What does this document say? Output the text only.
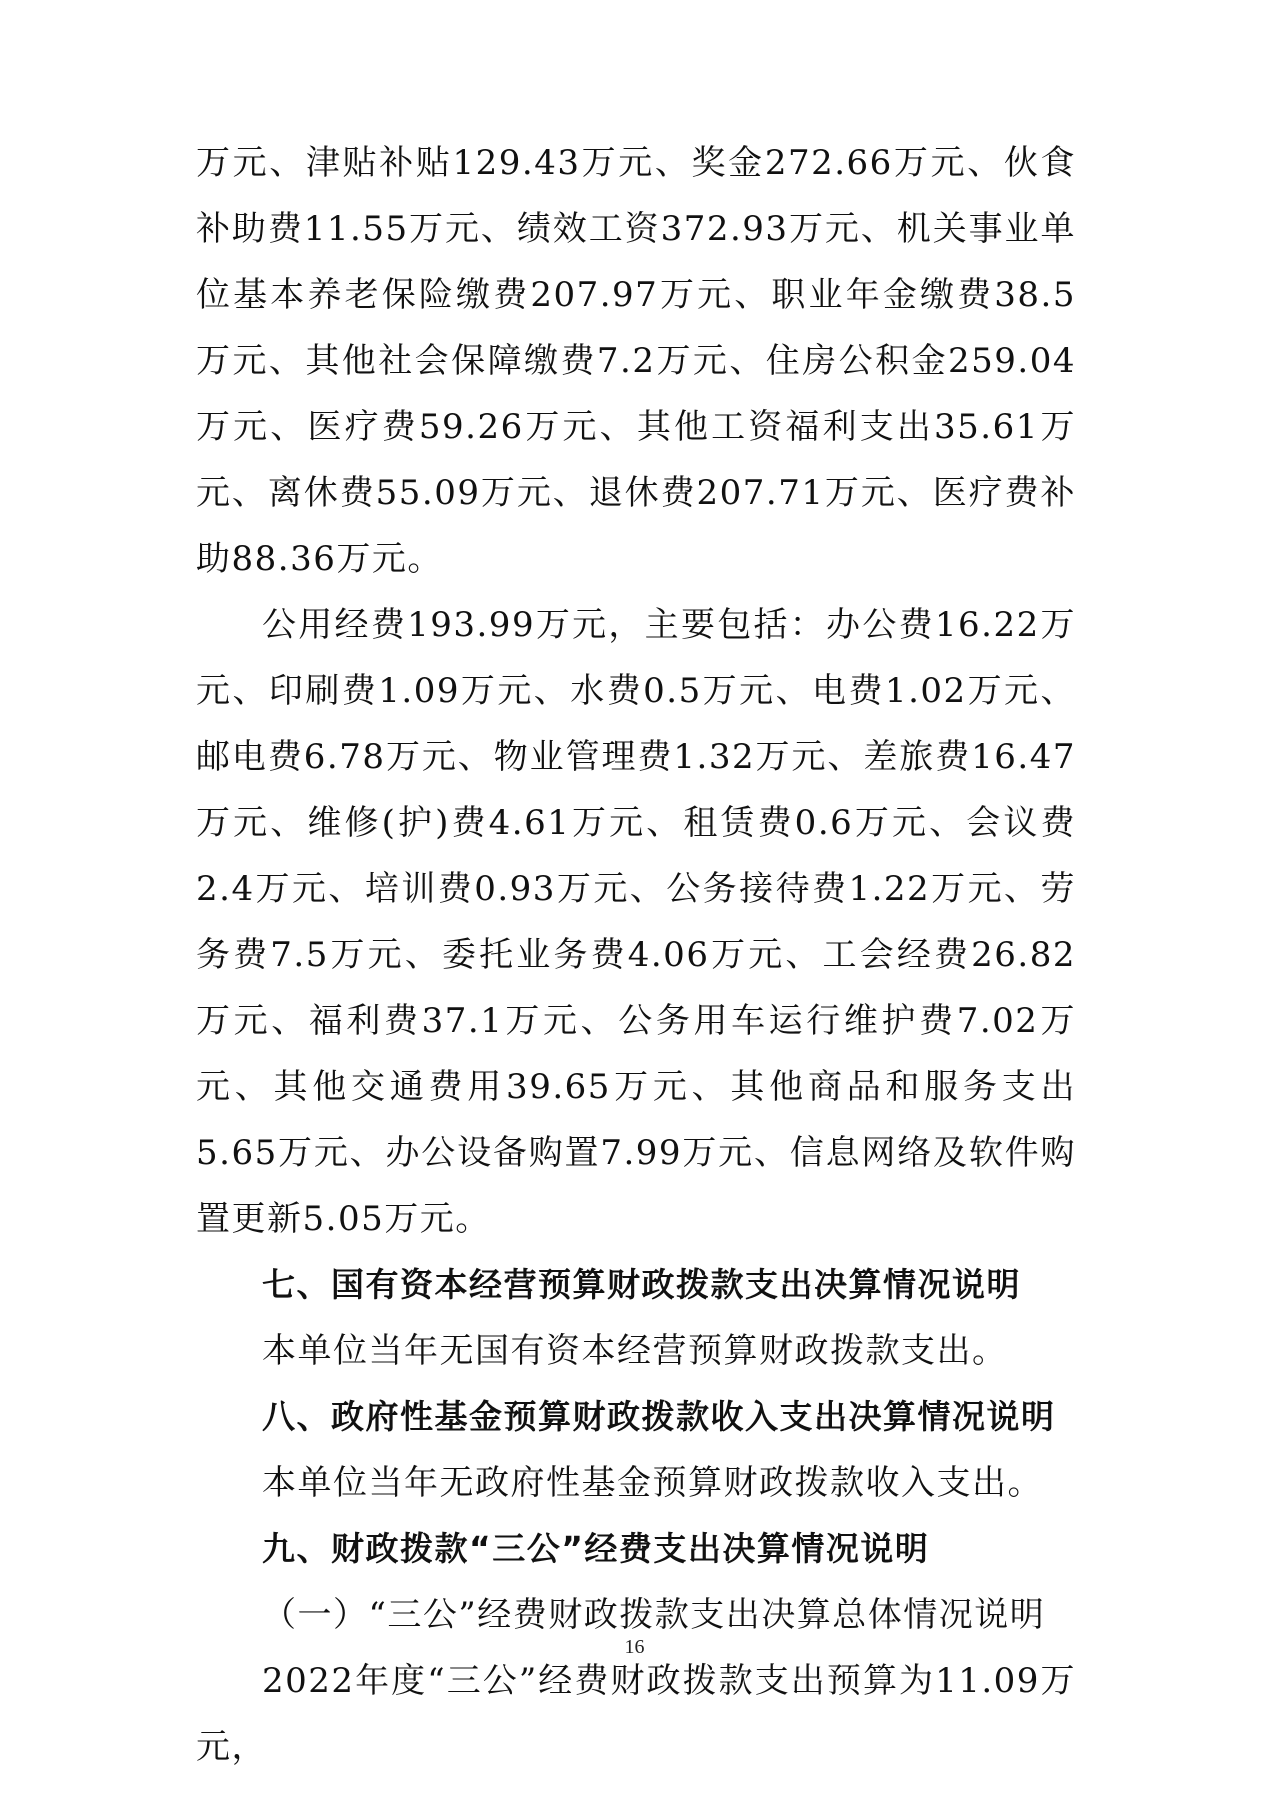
万元、津贴补贴129.43万元、奖金272.66万元、伙食补助费11.55万元、绩效工资372.93万元、机关事业单位基本养老保险缴费207.97万元、职业年金缴费38.5万元、其他社会保障缴费7.2万元、住房公积金259.04万元、医疗费59.26万元、其他工资福利支出35.61万元、离休费55.09万元、退休费207.71万元、医疗费补助88.36万元。

公用经费193.99万元，主要包括：办公费16.22万元、印刷费1.09万元、水费0.5万元、电费1.02万元、邮电费6.78万元、物业管理费1.32万元、差旅费16.47万元、维修(护)费4.61万元、租赁费0.6万元、会议费2.4万元、培训费0.93万元、公务接待费1.22万元、劳务费7.5万元、委托业务费4.06万元、工会经费26.82万元、福利费37.1万元、公务用车运行维护费7.02万元、其他交通费用39.65万元、其他商品和服务支出5.65万元、办公设备购置7.99万元、信息网络及软件购置更新5.05万元。

七、国有资本经营预算财政拨款支出决算情况说明

本单位当年无国有资本经营预算财政拨款支出。

八、政府性基金预算财政拨款收入支出决算情况说明

本单位当年无政府性基金预算财政拨款收入支出。

九、财政拨款“三公”经费支出决算情况说明

（一）“三公”经费财政拨款支出决算总体情况说明

2022年度“三公”经费财政拨款支出预算为11.09万元，

16
